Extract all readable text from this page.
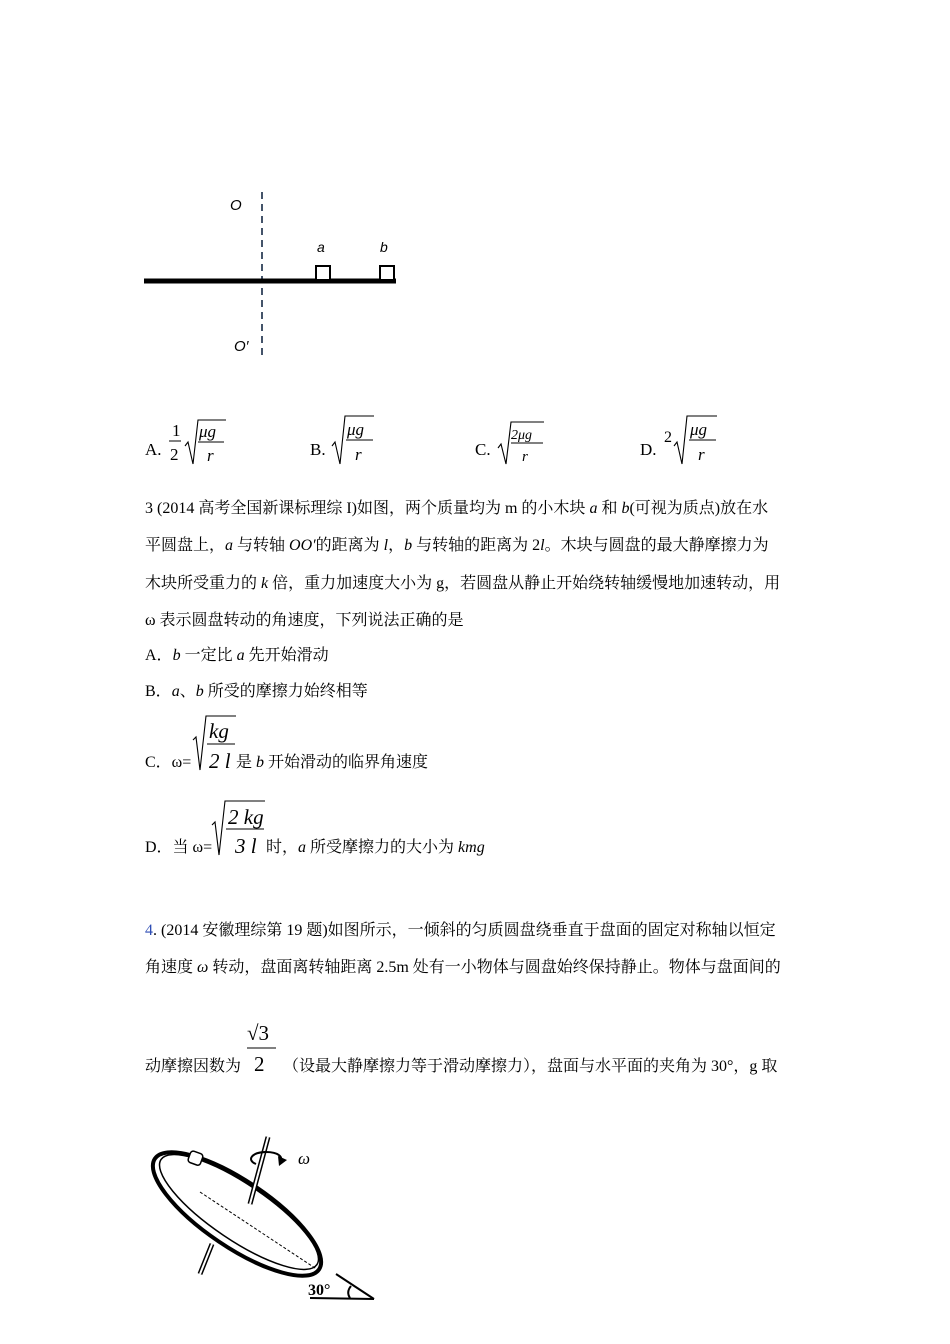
O
O′
a	b
A.
1
2
μg
r	B.
μg
r	C.
2μg
r	D.
2 μg
r
3 (2014 高考全国新课标理综 I)如图，两个质量均为 m 的小木块 a 和 b(可视为质点)放在水
平圆盘上，a 与转轴 OO′的距离为 l，b 与转轴的距离为 2l。木块与圆盘的最大静摩擦力为
木块所受重力的 k 倍，重力加速度大小为 g，若圆盘从静止开始绕转轴缓慢地加速转动，用
ω 表示圆盘转动的角速度，下列说法正确的是
A．b 一定比 a 先开始滑动
B．a、b 所受的摩擦力始终相等
C．ω=
kg
2 l 是 b 开始滑动的临界角速度
D．当 ω=
2 kg
3 l 时，a 所受摩擦力的大小为 kmg
4. (2014 安徽理综第 19 题)如图所示，一倾斜的匀质圆盘绕垂直于盘面的固定对称轴以恒定
角速度 ω 转动，盘面离转轴距离 2.5m 处有一小物体与圆盘始终保持静止。物体与盘面间的
动摩擦因数为
√3
2 （设最大静摩擦力等于滑动摩擦力），盘面与水平面的夹角为 30°，g 取
ω
30°
